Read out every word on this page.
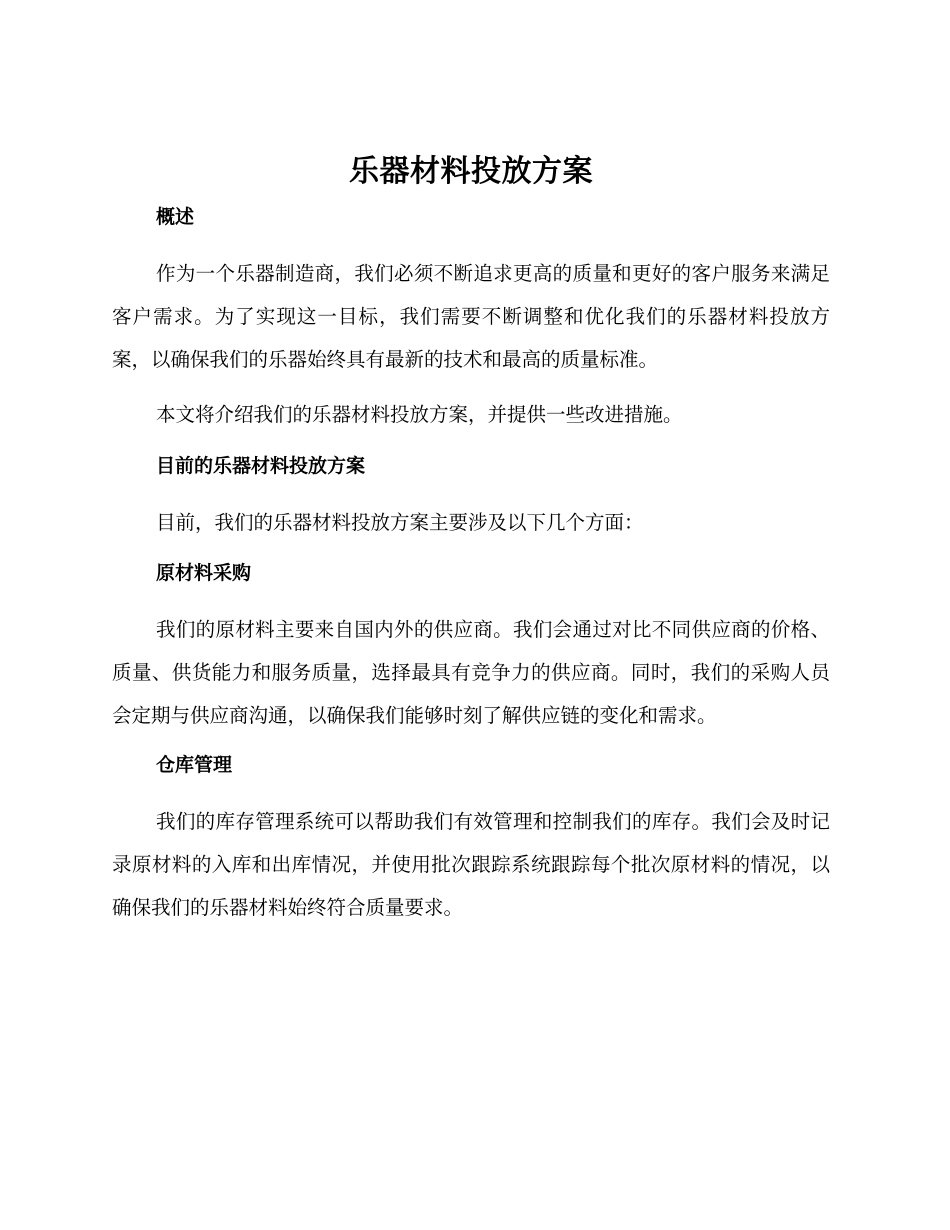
乐器材料投放方案
概述

作为一个乐器制造商，我们必须不断追求更高的质量和更好的客户服务来满足客户需求。为了实现这一目标，我们需要不断调整和优化我们的乐器材料投放方案，以确保我们的乐器始终具有最新的技术和最高的质量标准。

本文将介绍我们的乐器材料投放方案，并提供一些改进措施。

目前的乐器材料投放方案

目前，我们的乐器材料投放方案主要涉及以下几个方面：

原材料采购

我们的原材料主要来自国内外的供应商。我们会通过对比不同供应商的价格、质量、供货能力和服务质量，选择最具有竞争力的供应商。同时，我们的采购人员会定期与供应商沟通，以确保我们能够时刻了解供应链的变化和需求。

仓库管理

我们的库存管理系统可以帮助我们有效管理和控制我们的库存。我们会及时记录原材料的入库和出库情况，并使用批次跟踪系统跟踪每个批次原材料的情况，以确保我们的乐器材料始终符合质量要求。
